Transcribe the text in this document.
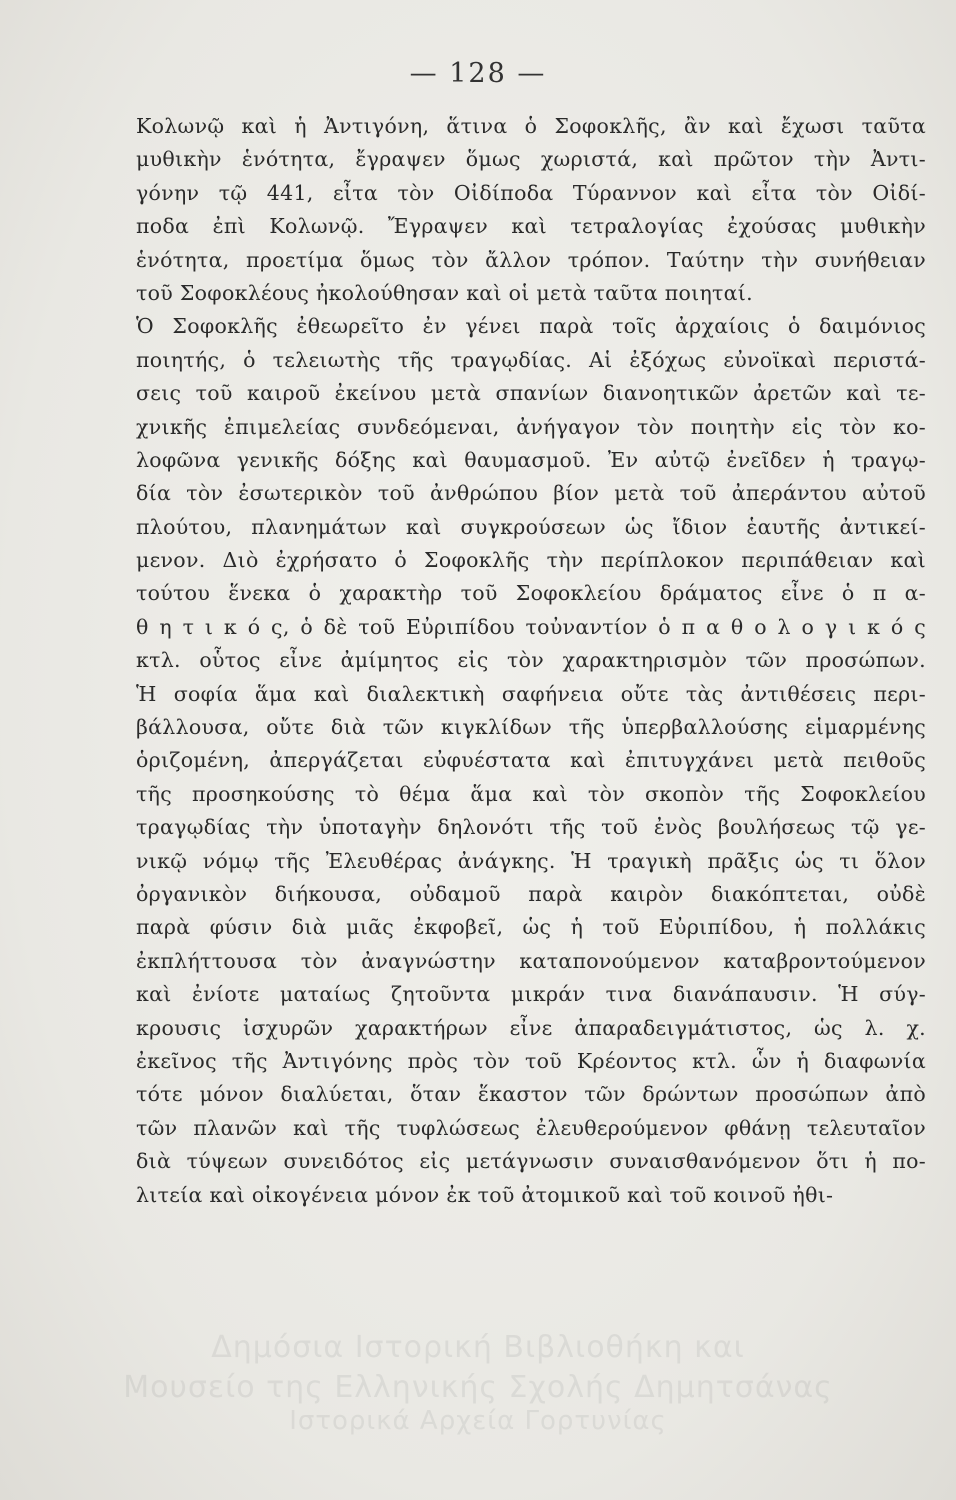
— 128 —
Κολωνῷ καὶ ἡ Ἀντιγόνη, ἅτινα ὁ Σοφοκλῆς, ἂν καὶ ἔχωσι ταῦτα
μυθικὴν ἑνότητα, ἔγραψεν ὅμως χωριστά, καὶ πρῶτον τὴν Ἀντι-
γόνην τῷ 441, εἶτα τὸν Οἰδίποδα Τύραννον καὶ εἶτα τὸν Οἰδί-
ποδα ἐπὶ Κολωνῷ. Ἔγραψεν καὶ τετραλογίας ἐχούσας μυθικὴν
ἑνότητα, προετίμα ὅμως τὸν ἄλλον τρόπον. Ταύτην τὴν συνήθειαν
τοῦ Σοφοκλέους ἠκολούθησαν καὶ οἱ μετὰ ταῦτα ποιηταί.
Ὁ Σοφοκλῆς ἐθεωρεῖτο ἐν γένει παρὰ τοῖς ἀρχαίοις ὁ δαιμόνιος
ποιητής, ὁ τελειωτὴς τῆς τραγῳδίας. Αἱ ἐξόχως εὐνοϊκαὶ περιστά-
σεις τοῦ καιροῦ ἐκείνου μετὰ σπανίων διανοητικῶν ἀρετῶν καὶ τε-
χνικῆς ἐπιμελείας συνδεόμεναι, ἀνήγαγον τὸν ποιητὴν εἰς τὸν κο-
λοφῶνα γενικῆς δόξης καὶ θαυμασμοῦ. Ἐν αὐτῷ ἐνεῖδεν ἡ τραγῳ-
δία τὸν ἐσωτερικὸν τοῦ ἀνθρώπου βίον μετὰ τοῦ ἀπεράντου αὐτοῦ
πλούτου, πλανημάτων καὶ συγκρούσεων ὡς ἴδιον ἑαυτῆς ἀντικεί-
μενον. Διὸ ἐχρήσατο ὁ Σοφοκλῆς τὴν περίπλοκον περιπάθειαν καὶ
τούτου ἕνεκα ὁ χαρακτὴρ τοῦ Σοφοκλείου δράματος εἶνε ὁ π α-
θ η τ ι κ ό ς, ὁ δὲ τοῦ Εὐριπίδου τοὐναντίον ὁ π α θ ο λ ο γ ι κ ό ς
κτλ. οὗτος εἶνε ἀμίμητος εἰς τὸν χαρακτηρισμὸν τῶν προσώπων.
Ἡ σοφία ἅμα καὶ διαλεκτικὴ σαφήνεια οὔτε τὰς ἀντιθέσεις περι-
βάλλουσα, οὔτε διὰ τῶν κιγκλίδων τῆς ὑπερβαλλούσης εἱμαρμένης
ὁριζομένη, ἀπεργάζεται εὐφυέστατα καὶ ἐπιτυγχάνει μετὰ πειθοῦς
τῆς προσηκούσης τὸ θέμα ἅμα καὶ τὸν σκοπὸν τῆς Σοφοκλείου
τραγῳδίας τὴν ὑποταγὴν δηλονότι τῆς τοῦ ἐνὸς βουλήσεως τῷ γε-
νικῷ νόμῳ τῆς Ἐλευθέρας ἀνάγκης. Ἡ τραγικὴ πρᾶξις ὡς τι ὅλον
ὀργανικὸν διήκουσα, οὐδαμοῦ παρὰ καιρὸν διακόπτεται, οὐδὲ
παρὰ φύσιν διὰ μιᾶς ἐκφοβεῖ, ὡς ἡ τοῦ Εὐριπίδου, ἡ πολλάκις
ἐκπλήττουσα τὸν ἀναγνώστην καταπονούμενον καταβροντούμενον
καὶ ἐνίοτε ματαίως ζητοῦντα μικράν τινα διανάπαυσιν. Ἡ σύγ-
κρουσις ἰσχυρῶν χαρακτήρων εἶνε ἀπαραδειγμάτιστος, ὡς λ. χ.
ἐκεῖνος τῆς Ἀντιγόνης πρὸς τὸν τοῦ Κρέοντος κτλ. ὧν ἡ διαφωνία
τότε μόνον διαλύεται, ὅταν ἕκαστον τῶν δρώντων προσώπων ἀπὸ
τῶν πλανῶν καὶ τῆς τυφλώσεως ἐλευθερούμενον φθάνῃ τελευταῖον
διὰ τύψεων συνειδότος εἰς μετάγνωσιν συναισθανόμενον ὅτι ἡ πο-
λιτεία καὶ οἰκογένεια μόνον ἐκ τοῦ ἀτομικοῦ καὶ τοῦ κοινοῦ ἠθι-
Δημόσια Ιστορική Βιβλιοθήκη και
Μουσείο της Ελληνικής Σχολής Δημητσάνας
Ιστορικά Αρχεία Γορτυνίας
